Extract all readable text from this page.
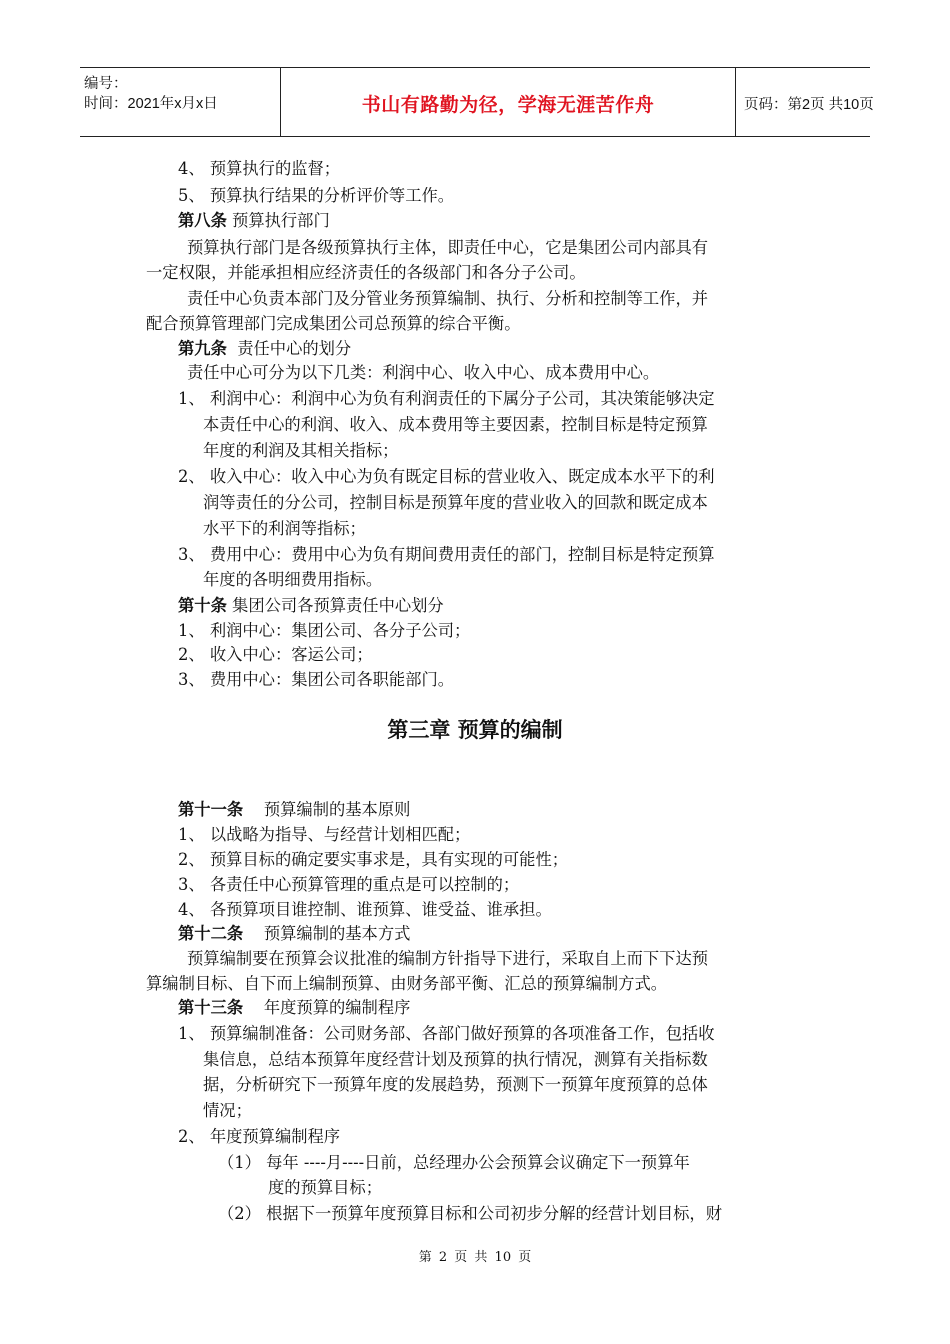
编号：
时间：2021年x月x日	书山有路勤为径，学海无涯苦作舟	页码：第2页 共10页
4、 预算执行的监督；
5、 预算执行结果的分析评价等工作。
第八条 预算执行部门
预算执行部门是各级预算执行主体，即责任中心，它是集团公司内部具有
一定权限，并能承担相应经济责任的各级部门和各分子公司。
责任中心负责本部门及分管业务预算编制、执行、分析和控制等工作，并
配合预算管理部门完成集团公司总预算的综合平衡。
第九条 责任中心的划分
责任中心可分为以下几类：利润中心、收入中心、成本费用中心。
1、 利润中心：利润中心为负有利润责任的下属分子公司，其决策能够决定
本责任中心的利润、收入、成本费用等主要因素，控制目标是特定预算
年度的利润及其相关指标；
2、 收入中心：收入中心为负有既定目标的营业收入、既定成本水平下的利
润等责任的分公司，控制目标是预算年度的营业收入的回款和既定成本
水平下的利润等指标；
3、 费用中心：费用中心为负有期间费用责任的部门，控制目标是特定预算
年度的各明细费用指标。
第十条 集团公司各预算责任中心划分
1、 利润中心：集团公司、各分子公司；
2、 收入中心：客运公司；
3、 费用中心：集团公司各职能部门。
第三章 预算的编制
第十一条 预算编制的基本原则
1、 以战略为指导、与经营计划相匹配；
2、 预算目标的确定要实事求是，具有实现的可能性；
3、 各责任中心预算管理的重点是可以控制的；
4、 各预算项目谁控制、谁预算、谁受益、谁承担。
第十二条 预算编制的基本方式
预算编制要在预算会议批准的编制方针指导下进行，采取自上而下下达预
算编制目标、自下而上编制预算、由财务部平衡、汇总的预算编制方式。
第十三条 年度预算的编制程序
1、 预算编制准备：公司财务部、各部门做好预算的各项准备工作，包括收
集信息，总结本预算年度经营计划及预算的执行情况，测算有关指标数
据，分析研究下一预算年度的发展趋势，预测下一预算年度预算的总体
情况；
2、 年度预算编制程序
（1） 每年 ----月----日前，总经理办公会预算会议确定下一预算年
度的预算目标；
（2） 根据下一预算年度预算目标和公司初步分解的经营计划目标，财
第 2 页 共 10 页
